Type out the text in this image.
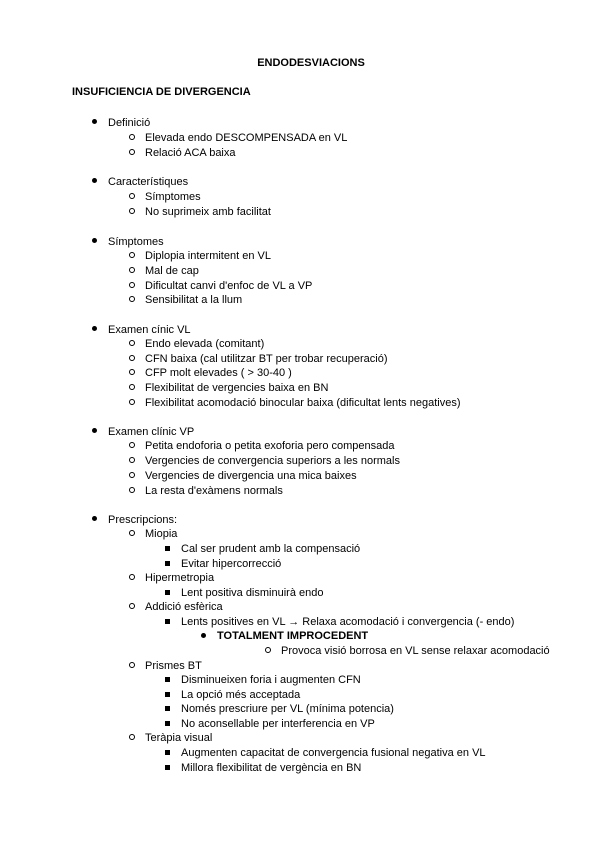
ENDODESVIACIONS
INSUFICIENCIA DE DIVERGENCIA
Definició
Elevada endo DESCOMPENSADA en VL
Relació ACA baixa
Característiques
Símptomes
No suprimeix amb facilitat
Símptomes
Diplopia intermitent en VL
Mal de cap
Dificultat canvi d'enfoc de VL a VP
Sensibilitat a la llum
Examen cínic VL
Endo elevada (comitant)
CFN baixa (cal utilitzar BT per trobar recuperació)
CFP molt elevades ( > 30-40 )
Flexibilitat de vergencies baixa en BN
Flexibilitat acomodació binocular baixa (dificultat lents negatives)
Examen clínic VP
Petita endoforia o petita exoforia pero compensada
Vergencies de convergencia superiors a les normals
Vergencies de divergencia una mica baixes
La resta d'exàmens normals
Prescripcions:
Miopia
Cal ser prudent amb la compensació
Evitar hipercorrecció
Hipermetropia
Lent positiva disminuirà endo
Addició esfèrica
Lents positives en VL → Relaxa acomodació i convergencia (- endo)
TOTALMENT IMPROCEDENT
Provoca visió borrosa en VL sense relaxar acomodació
Prismes BT
Disminueixen foria i augmenten CFN
La opció més acceptada
Només prescriure per VL (mínima potencia)
No aconsellable per interferencia en VP
Teràpia visual
Augmenten capacitat de convergencia fusional negativa en VL
Millora flexibilitat de vergència en BN
